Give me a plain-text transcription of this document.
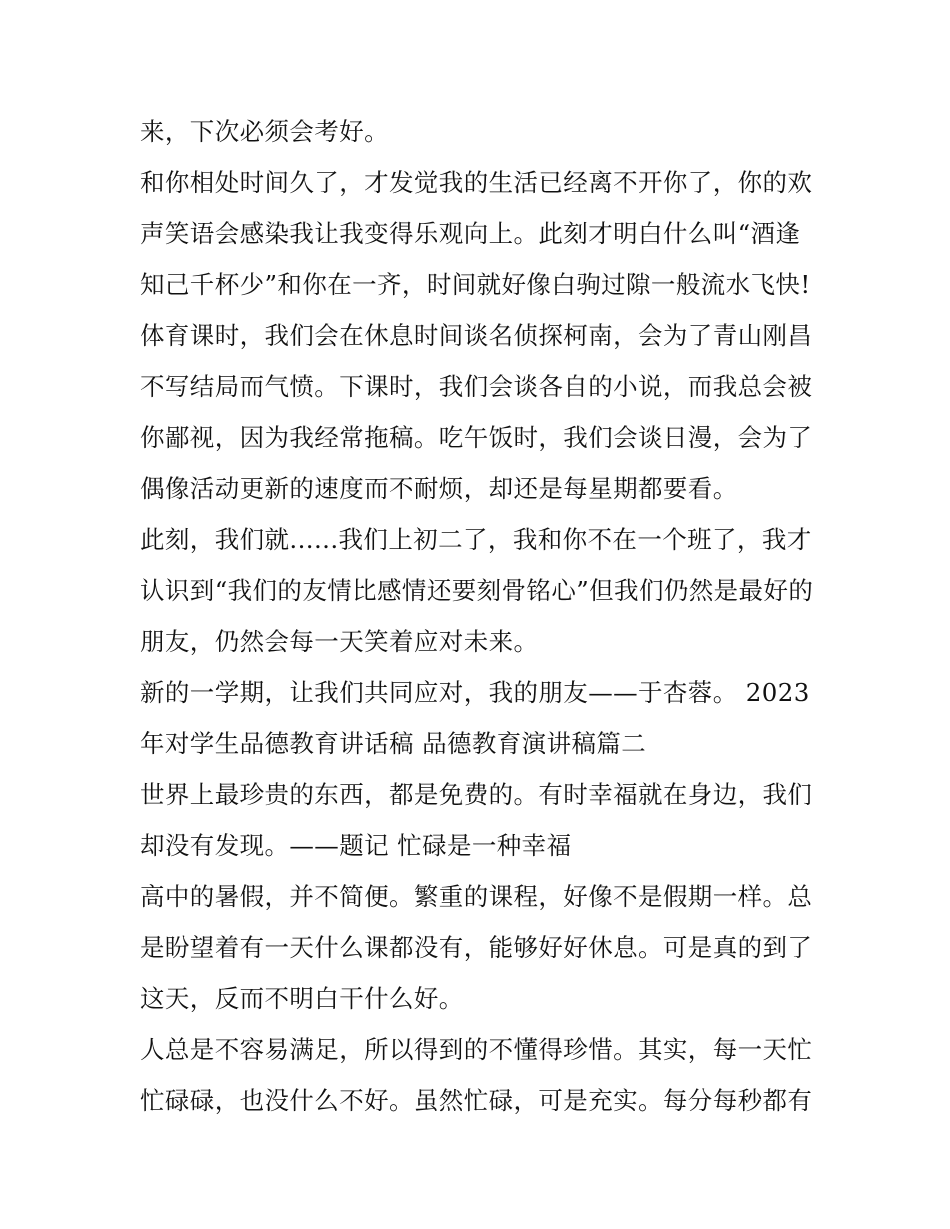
来，下次必须会考好。
和你相处时间久了，才发觉我的生活已经离不开你了，你的欢
声笑语会感染我让我变得乐观向上。此刻才明白什么叫“酒逢
知己千杯少”和你在一齐，时间就好像白驹过隙一般流水飞快!
体育课时，我们会在休息时间谈名侦探柯南，会为了青山刚昌
不写结局而气愤。下课时，我们会谈各自的小说，而我总会被
你鄙视，因为我经常拖稿。吃午饭时，我们会谈日漫，会为了
偶像活动更新的速度而不耐烦，却还是每星期都要看。
此刻，我们就......我们上初二了，我和你不在一个班了，我才
认识到“我们的友情比感情还要刻骨铭心”但我们仍然是最好的
朋友，仍然会每一天笑着应对未来。
新的一学期，让我们共同应对，我的朋友——于杏蓉。 2023
年对学生品德教育讲话稿 品德教育演讲稿篇二
世界上最珍贵的东西，都是免费的。有时幸福就在身边，我们
却没有发现。——题记 忙碌是一种幸福
高中的暑假，并不简便。繁重的课程，好像不是假期一样。总
是盼望着有一天什么课都没有，能够好好休息。可是真的到了
这天，反而不明白干什么好。
人总是不容易满足，所以得到的不懂得珍惜。其实，每一天忙
忙碌碌，也没什么不好。虽然忙碌，可是充实。每分每秒都有
